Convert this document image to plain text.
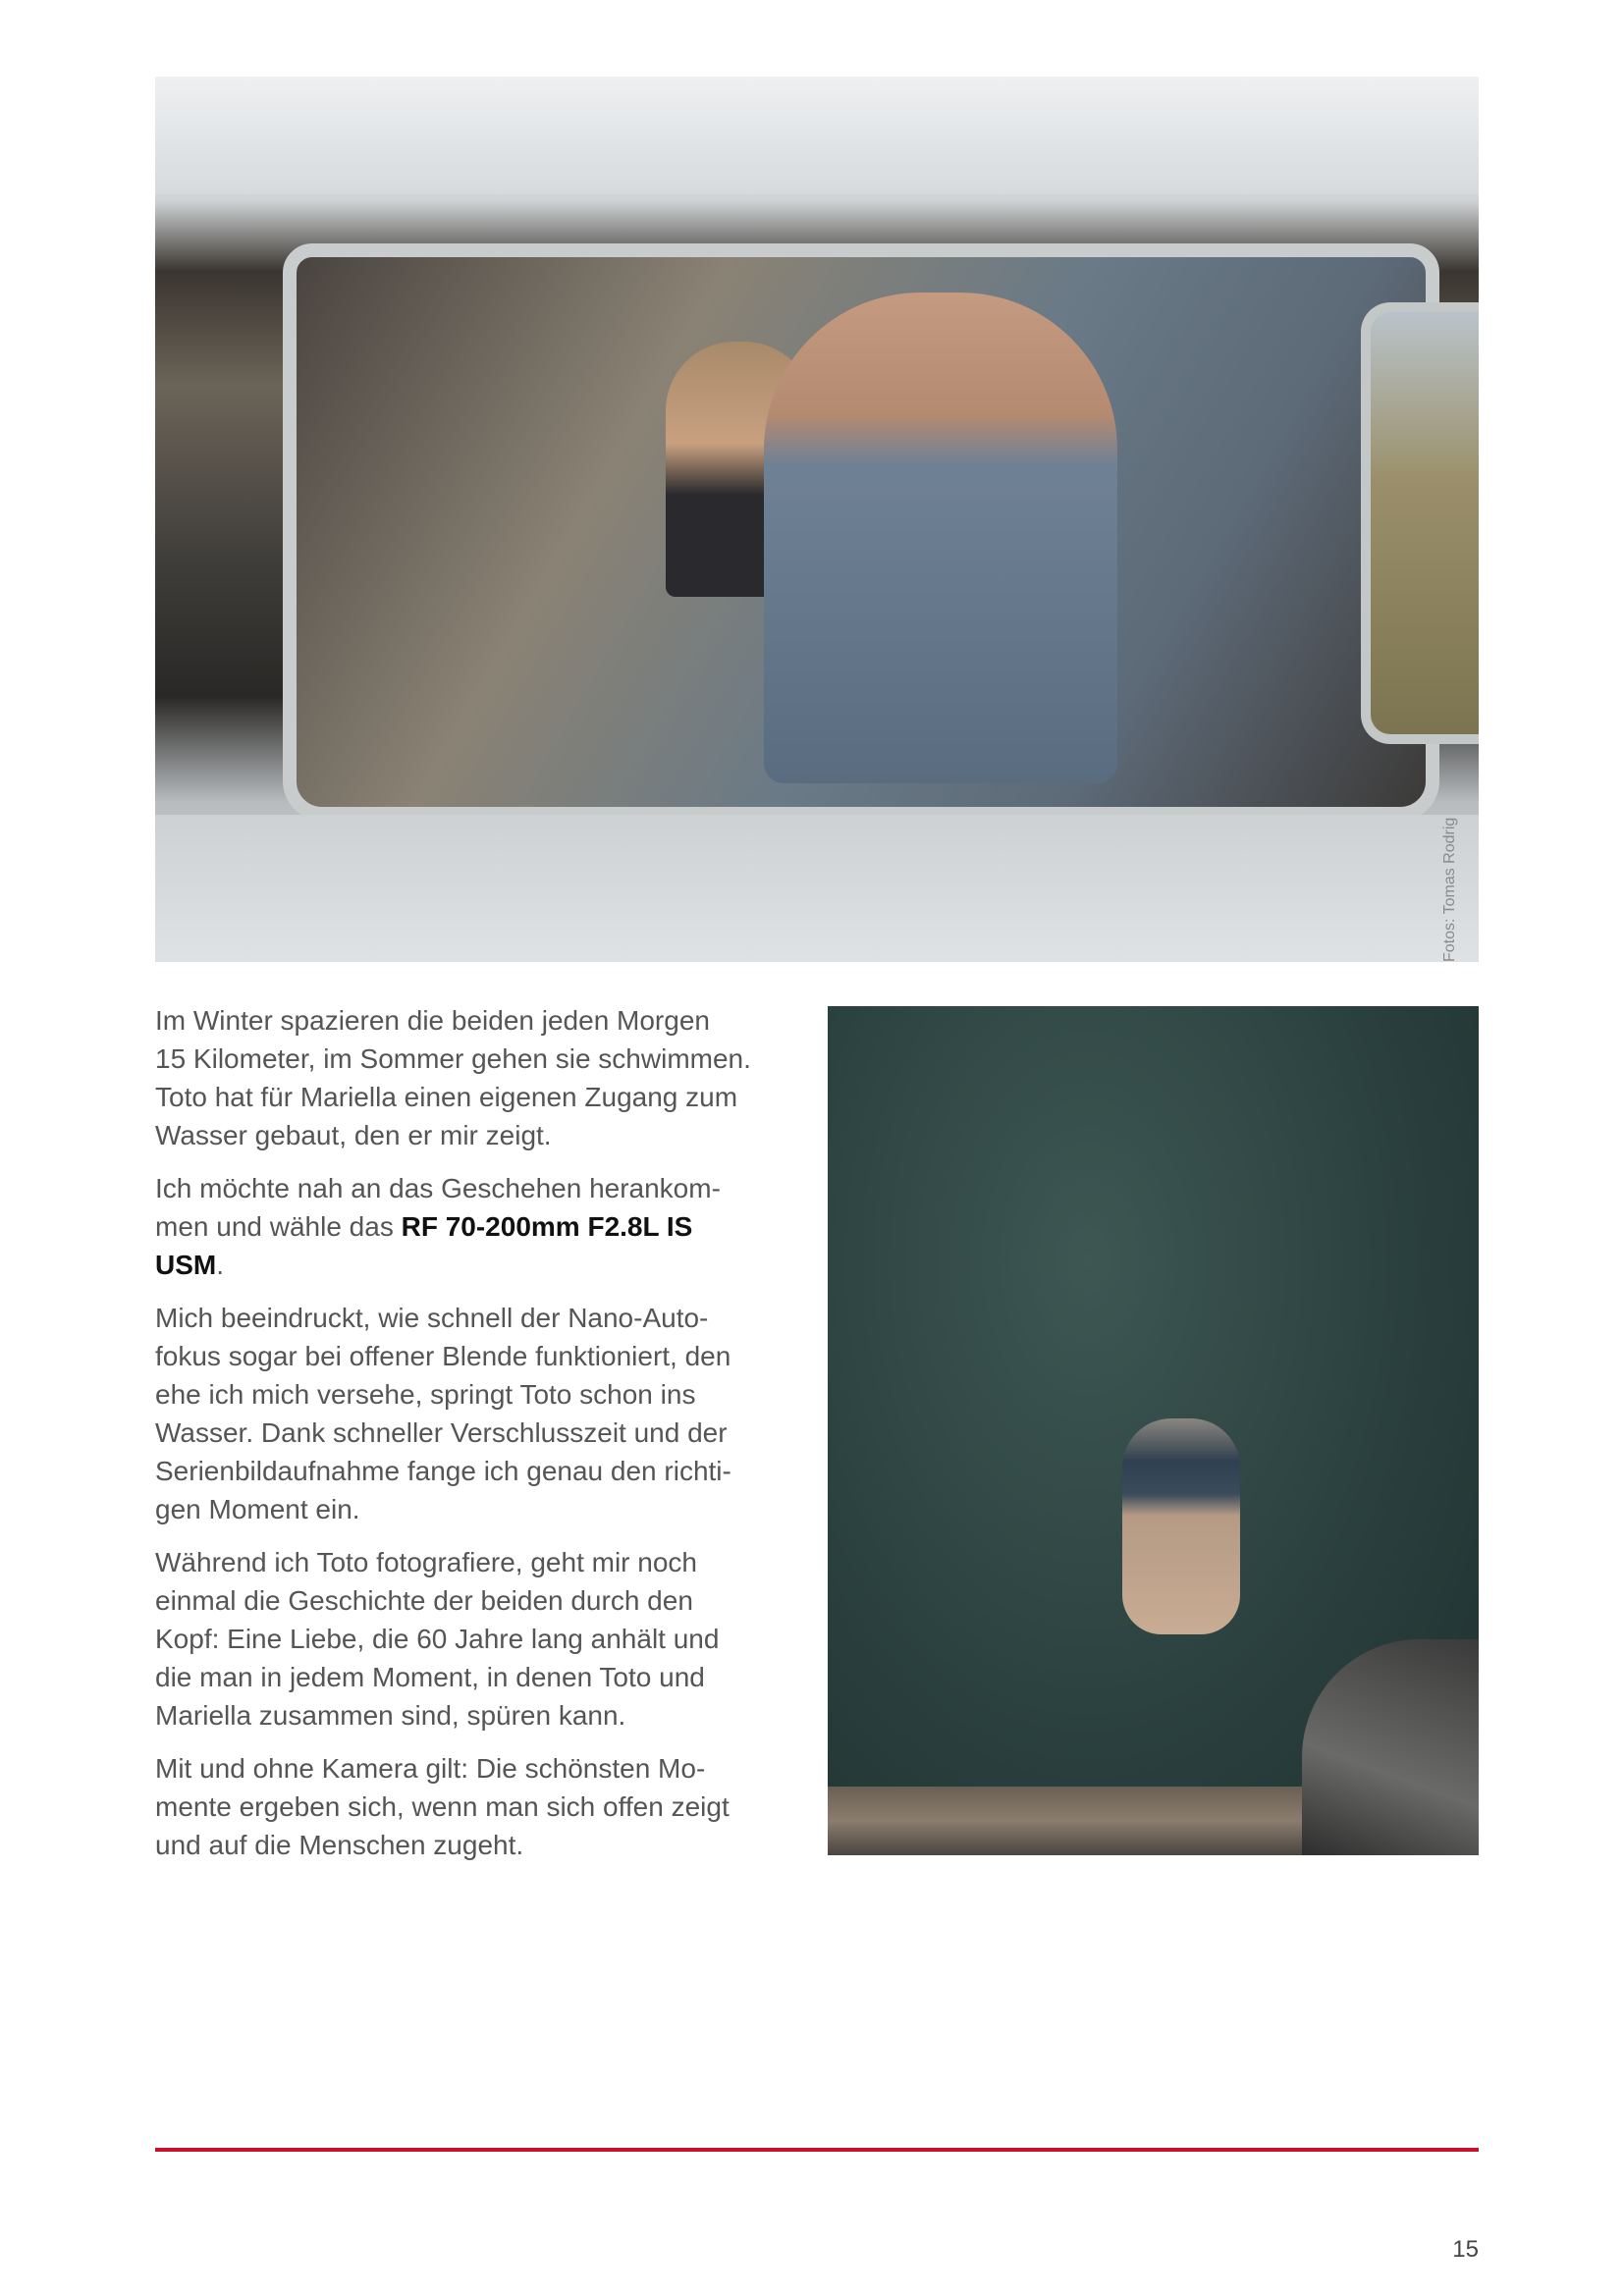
Fotos: Tomas Rodrig

Im Winter spazieren die beiden jeden Morgen
15 Kilometer, im Sommer gehen sie schwimmen.
Toto hat für Mariella einen eigenen Zugang zum
Wasser gebaut, den er mir zeigt.

Ich möchte nah an das Geschehen herankom-
men und wähle das RF 70-200mm F2.8L IS
USM.

Mich beeindruckt, wie schnell der Nano-Auto-
fokus sogar bei offener Blende funktioniert, den
ehe ich mich versehe, springt Toto schon ins
Wasser. Dank schneller Verschlusszeit und der
Serienbildaufnahme fange ich genau den richti-
gen Moment ein.

Während ich Toto fotografiere, geht mir noch
einmal die Geschichte der beiden durch den
Kopf: Eine Liebe, die 60 Jahre lang anhält und
die man in jedem Moment, in denen Toto und
Mariella zusammen sind, spüren kann.

Mit und ohne Kamera gilt: Die schönsten Mo-
mente ergeben sich, wenn man sich offen zeigt
und auf die Menschen zugeht.

15
